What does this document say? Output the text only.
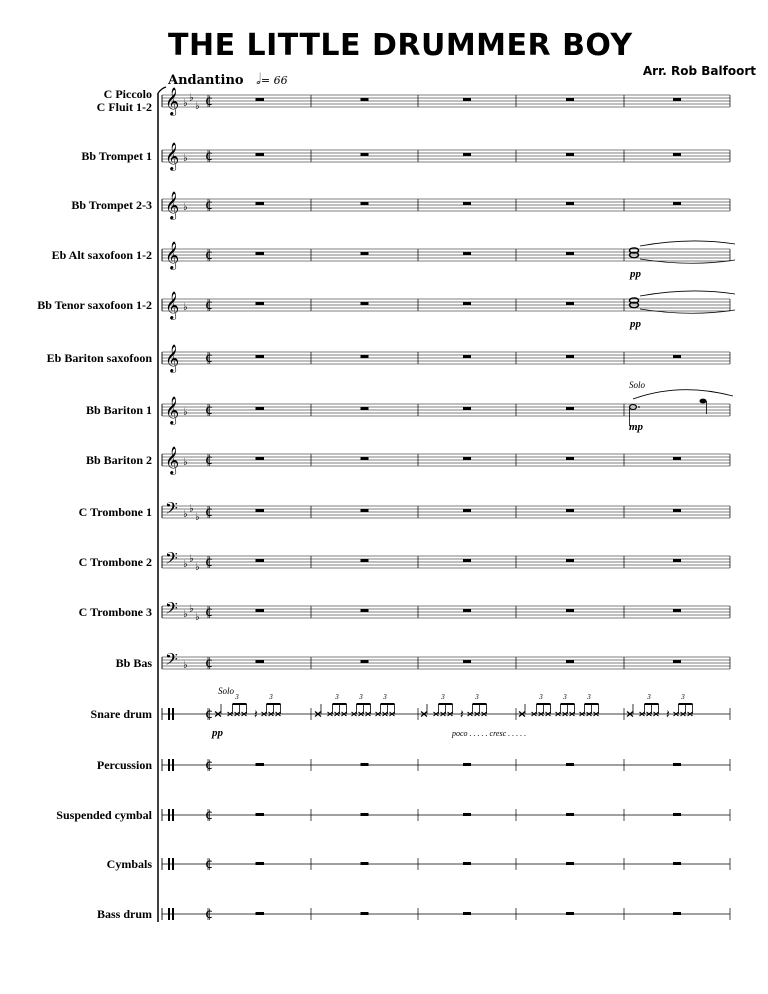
THE LITTLE DRUMMER BOY
Arr. Rob Balfoort
Andantino 𝅗𝅥= 66
C Piccolo
C Fluit 1-2
Bb Trompet 1
Bb Trompet 2-3
Eb Alt saxofoon 1-2
Bb Tenor saxofoon 1-2
Eb Bariton saxofoon
Bb Bariton 1
Bb Bariton 2
C Trombone 1
C Trombone 2
C Trombone 3
Bb Bas
Snare drum
Percussion
Suspended cymbal
Cymbals
Bass drum
𝄞 ♭ ♭
♭ ¢
𝄞 ♭ ¢
𝄞 ♭ ¢
𝄞 ¢
𝄞 ♭ ¢
𝄞 ¢
𝄞 ♭ ¢
𝄞 ♭ ¢
𝄢 ♭ ♭
♭ ¢
𝄢 ♭ ♭
♭ ¢
𝄢 ♭ ♭
♭ ¢
𝄢 ♭ ¢
¢
¢
¢
¢
¢
pp
pp
Solo
mp
Solo
3
𝄽
3	3	3	3	3
𝄽
3	3	3	3	3
𝄽
3
pp	poco . . . . . cresc . . . . .
